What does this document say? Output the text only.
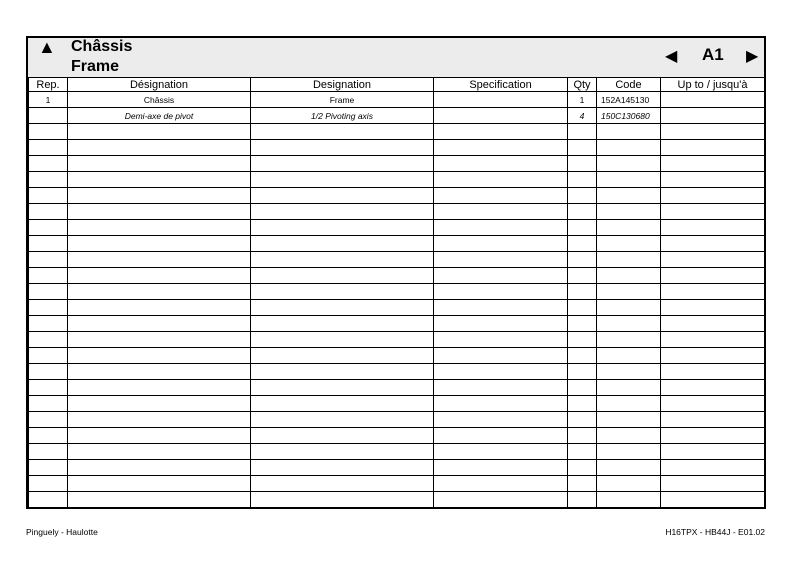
▲ Châssis
Frame
◀ A1 ▶
Rep.	Désignation	Designation	Specification	Qty	Code	Up to / jusqu'à
1	Châssis	Frame		1	152A145130	
	Demi-axe de pivot	1/2 Pivoting axis		4	150C130680	

Pinguely - Haulotte	H16TPX - HB44J - E01.02
